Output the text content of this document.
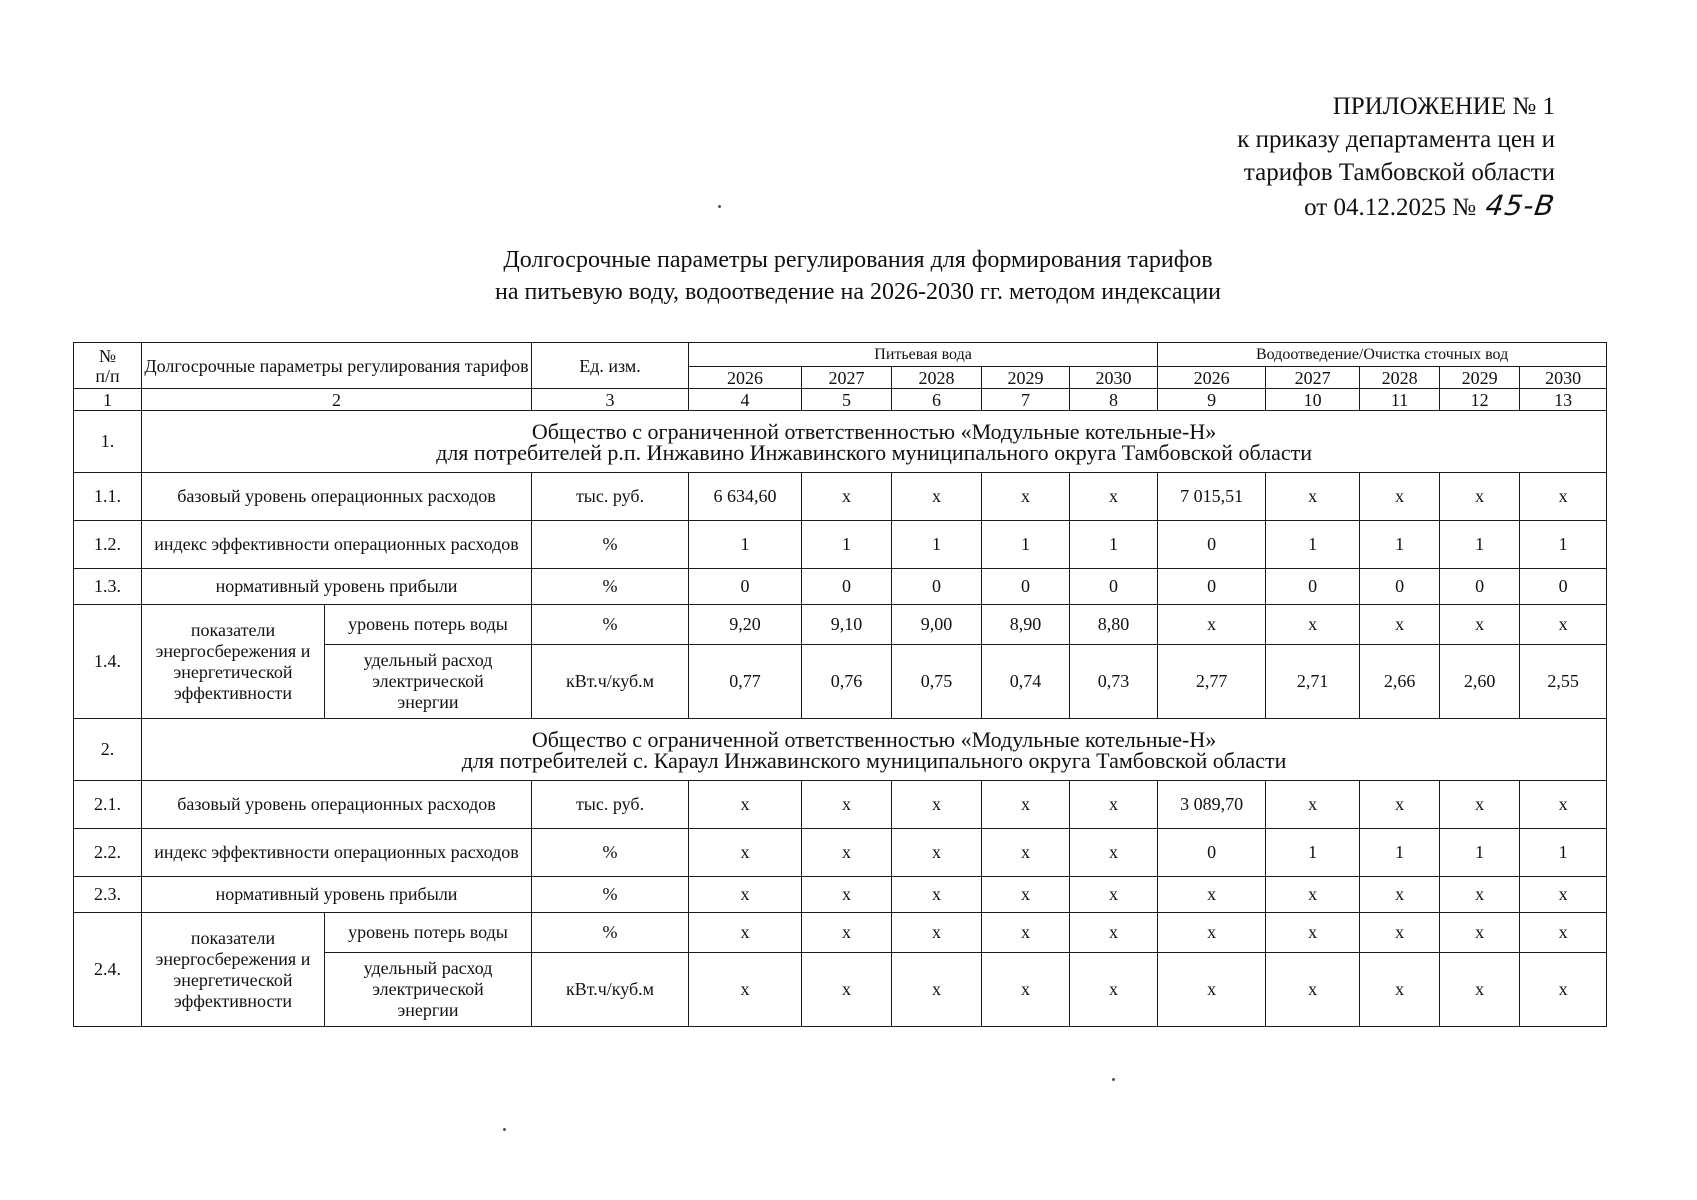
ПРИЛОЖЕНИЕ № 1
к приказу департамента цен и
тарифов Тамбовской области
от 04.12.2025 № 45-В
Долгосрочные параметры регулирования для формирования тарифов
на питьевую воду, водоотведение на 2026-2030 гг. методом индексации
№
п/п	Долгосрочные параметры регулирования тарифов		Ед. изм.	Питьевая вода					Водоотведение/Очистка сточных вод				
				2026	2027	2028	2029	2030	2026	2027	2028	2029	2030
1	2		3	4	5	6	7	8	9	10	11	12	13
1.	Общество с ограниченной ответственностью «Модульные котельные-Н»
для потребителей р.п. Инжавино Инжавинского муниципального округа Тамбовской области												

1.1.	базовый уровень операционных расходов		тыс. руб.	6 634,60	х	х	х	х	7 015,51	х	х	х	х
1.2.	индекс эффективности операционных расходов		%	1	1	1	1	1	0	1	1	1	1
1.3.	нормативный уровень прибыли		%	0	0	0	0	0	0	0	0	0	0
1.4.	показатели энергосбережения и энергетической эффективности	уровень потерь воды	%	9,20	9,10	9,00	8,90	8,80	х	х	х	х	х
		удельный расход электрической энергии	кВт.ч/куб.м	0,77	0,76	0,75	0,74	0,73	2,77	2,71	2,66	2,60	2,55
2.	Общество с ограниченной ответственностью «Модульные котельные-Н»
для потребителей с. Караул Инжавинского муниципального округа Тамбовской области												

2.1.	базовый уровень операционных расходов		тыс. руб.	х	х	х	х	х	3 089,70	х	х	х	х
2.2.	индекс эффективности операционных расходов		%	х	х	х	х	х	0	1	1	1	1
2.3.	нормативный уровень прибыли		%	х	х	х	х	х	х	х	х	х	х
2.4.	показатели энергосбережения и энергетической эффективности	уровень потерь воды	%	х	х	х	х	х	х	х	х	х	х
		удельный расход электрической энергии	кВт.ч/куб.м	х	х	х	х	х	х	х	х	х	х
